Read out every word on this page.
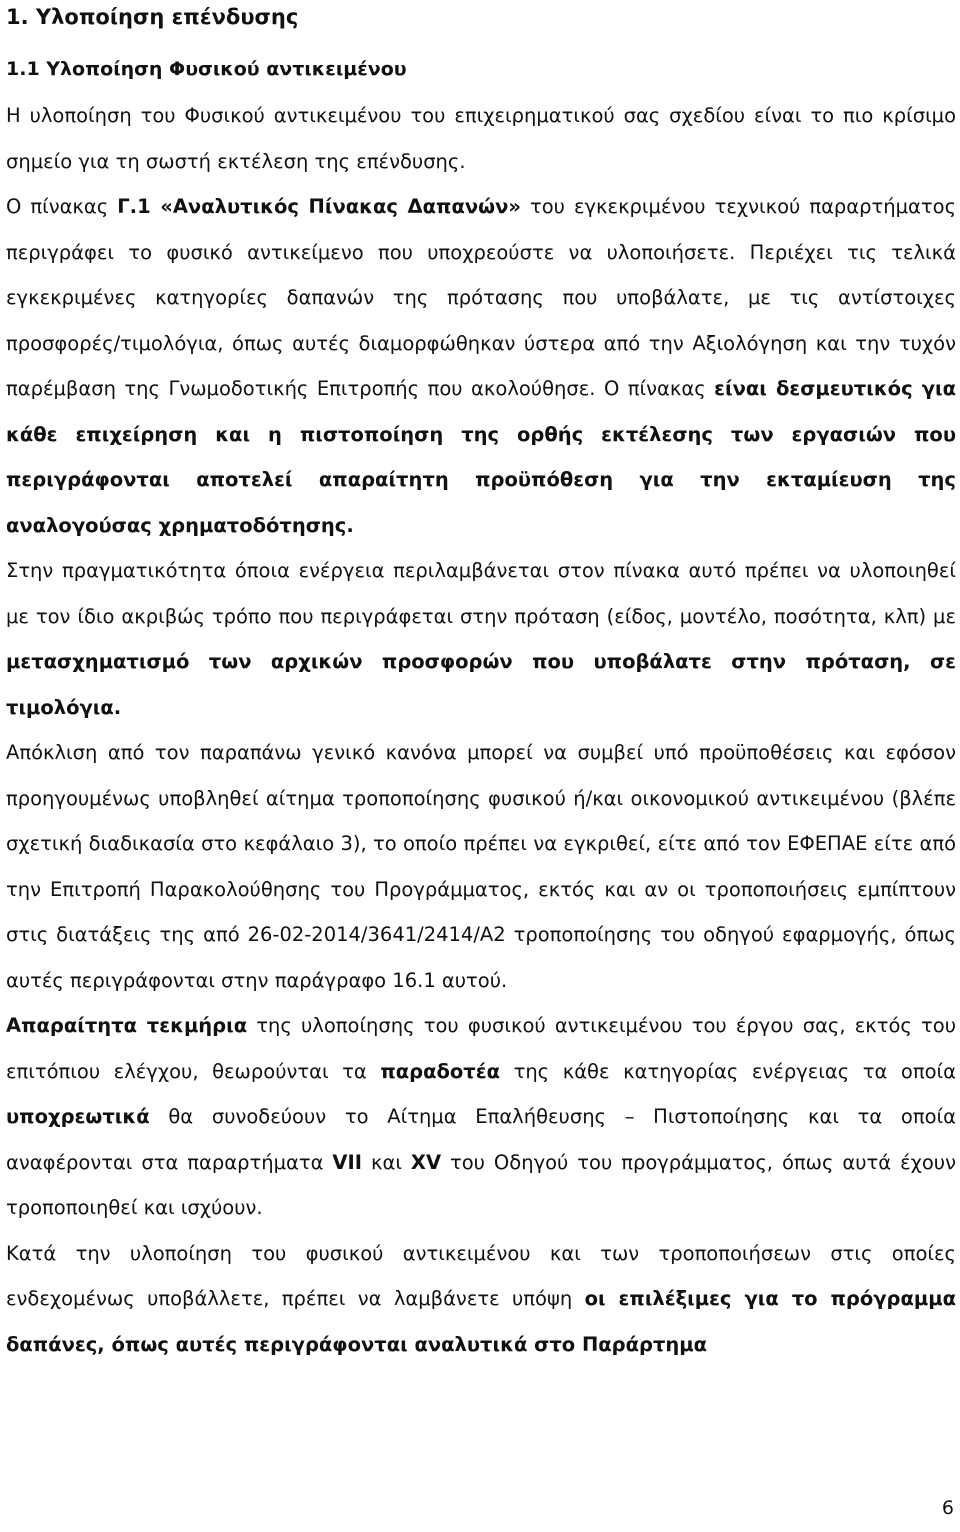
1. Υλοποίηση επένδυσης
1.1 Υλοποίηση Φυσικού αντικειμένου

Η υλοποίηση του Φυσικού αντικειμένου του επιχειρηματικού σας σχεδίου είναι το πιο κρίσιμο σημείο για τη σωστή εκτέλεση της επένδυσης.

Ο πίνακας Γ.1 «Αναλυτικός Πίνακας Δαπανών» του εγκεκριμένου τεχνικού παραρτήματος περιγράφει το φυσικό αντικείμενο που υποχρεούστε να υλοποιήσετε. Περιέχει τις τελικά εγκεκριμένες κατηγορίες δαπανών της πρότασης που υποβάλατε, με τις αντίστοιχες προσφορές/τιμολόγια, όπως αυτές διαμορφώθηκαν ύστερα από την Αξιολόγηση και την τυχόν παρέμβαση της Γνωμοδοτικής Επιτροπής που ακολούθησε. Ο πίνακας είναι δεσμευτικός για κάθε επιχείρηση και η πιστοποίηση της ορθής εκτέλεσης των εργασιών που περιγράφονται αποτελεί απαραίτητη προϋπόθεση για την εκταμίευση της αναλογούσας χρηματοδότησης.

Στην πραγματικότητα όποια ενέργεια περιλαμβάνεται στον πίνακα αυτό πρέπει να υλοποιηθεί με τον ίδιο ακριβώς τρόπο που περιγράφεται στην πρόταση (είδος, μοντέλο, ποσότητα, κλπ) με μετασχηματισμό των αρχικών προσφορών που υποβάλατε στην πρόταση, σε τιμολόγια.

Απόκλιση από τον παραπάνω γενικό κανόνα μπορεί να συμβεί υπό προϋποθέσεις και εφόσον προηγουμένως υποβληθεί αίτημα τροποποίησης φυσικού ή/και οικονομικού αντικειμένου (βλέπε σχετική διαδικασία στο κεφάλαιο 3), το οποίο πρέπει να εγκριθεί, είτε από τον ΕΦΕΠΑΕ είτε από την Επιτροπή Παρακολούθησης του Προγράμματος, εκτός και αν οι τροποποιήσεις εμπίπτουν στις διατάξεις της από 26-02-2014/3641/2414/Α2 τροποποίησης του οδηγού εφαρμογής, όπως αυτές περιγράφονται στην παράγραφο 16.1 αυτού.

Απαραίτητα τεκμήρια της υλοποίησης του φυσικού αντικειμένου του έργου σας, εκτός του επιτόπιου ελέγχου, θεωρούνται τα παραδοτέα της κάθε κατηγορίας ενέργειας τα οποία υποχρεωτικά θα συνοδεύουν το Αίτημα Επαλήθευσης – Πιστοποίησης και τα οποία αναφέρονται στα παραρτήματα VII και XV του Οδηγού του προγράμματος, όπως αυτά έχουν τροποποιηθεί και ισχύουν.

Κατά την υλοποίηση του φυσικού αντικειμένου και των τροποποιήσεων στις οποίες ενδεχομένως υποβάλλετε, πρέπει να λαμβάνετε υπόψη οι επιλέξιμες για το πρόγραμμα δαπάνες, όπως αυτές περιγράφονται αναλυτικά στο Παράρτημα

6
